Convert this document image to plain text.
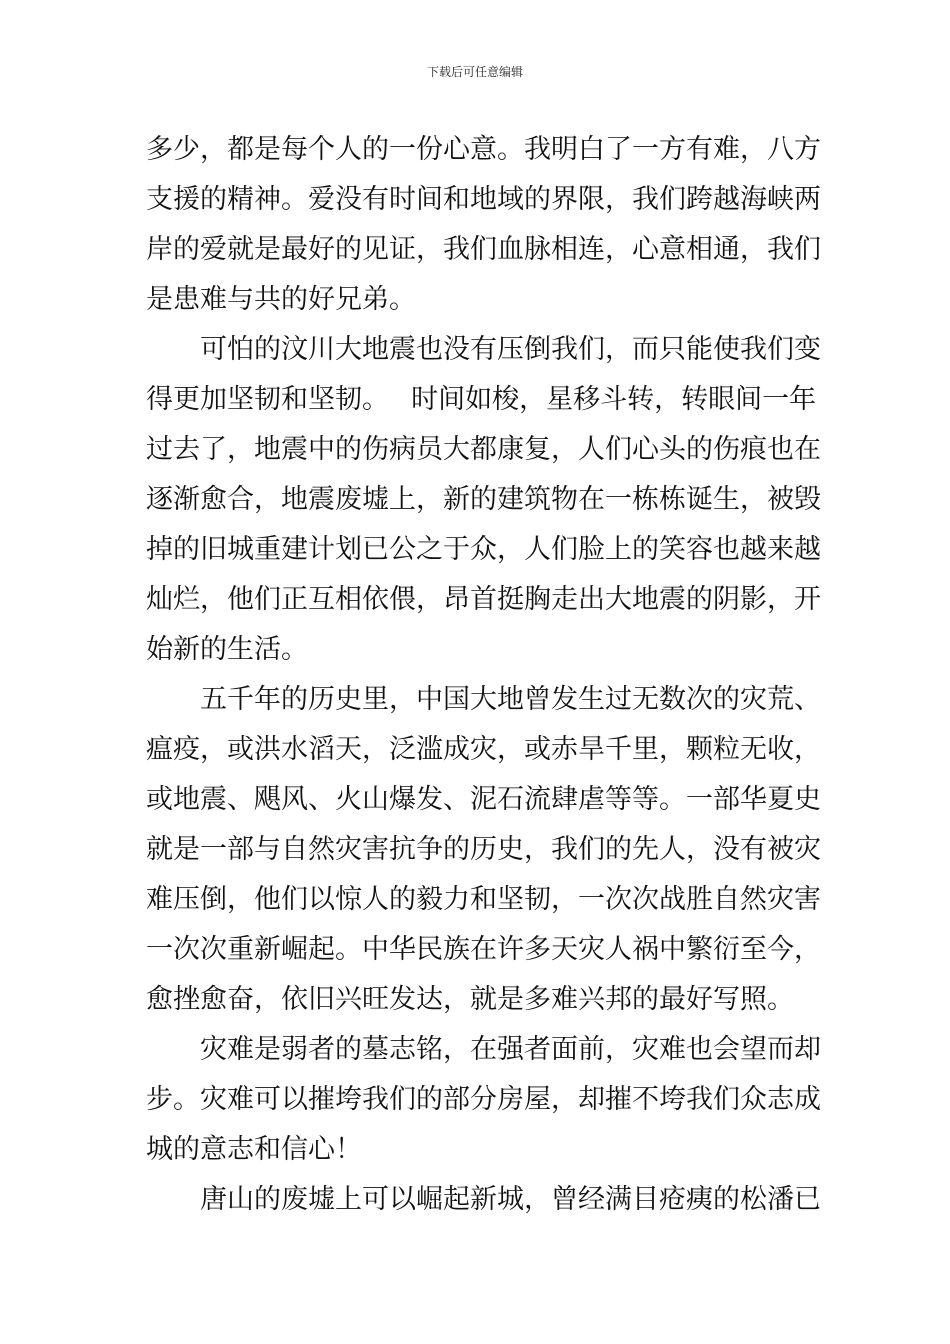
下载后可任意编辑
多少，都是每个人的一份心意。我明白了一方有难，八方
支援的精神。爱没有时间和地域的界限，我们跨越海峡两
岸的爱就是最好的见证，我们血脉相连，心意相通，我们
是患难与共的好兄弟。
　　可怕的汶川大地震也没有压倒我们，而只能使我们变
得更加坚韧和坚韧。　 时间如梭，星移斗转，转眼间一年
过去了，地震中的伤病员大都康复，人们心头的伤痕也在
逐渐愈合，地震废墟上，新的建筑物在一栋栋诞生，被毁
掉的旧城重建计划已公之于众，人们脸上的笑容也越来越
灿烂，他们正互相依偎，昂首挺胸走出大地震的阴影，开
始新的生活。
　　五千年的历史里，中国大地曾发生过无数次的灾荒、
瘟疫，或洪水滔天，泛滥成灾，或赤旱千里，颗粒无收，
或地震、飓风、火山爆发、泥石流肆虐等等。一部华夏史
就是一部与自然灾害抗争的历史，我们的先人，没有被灾
难压倒，他们以惊人的毅力和坚韧，一次次战胜自然灾害
一次次重新崛起。中华民族在许多天灾人祸中繁衍至今，
愈挫愈奋，依旧兴旺发达，就是多难兴邦的最好写照。
　　灾难是弱者的墓志铭，在强者面前，灾难也会望而却
步。灾难可以摧垮我们的部分房屋，却摧不垮我们众志成
城的意志和信心！
　　唐山的废墟上可以崛起新城，曾经满目疮痍的松潘已
